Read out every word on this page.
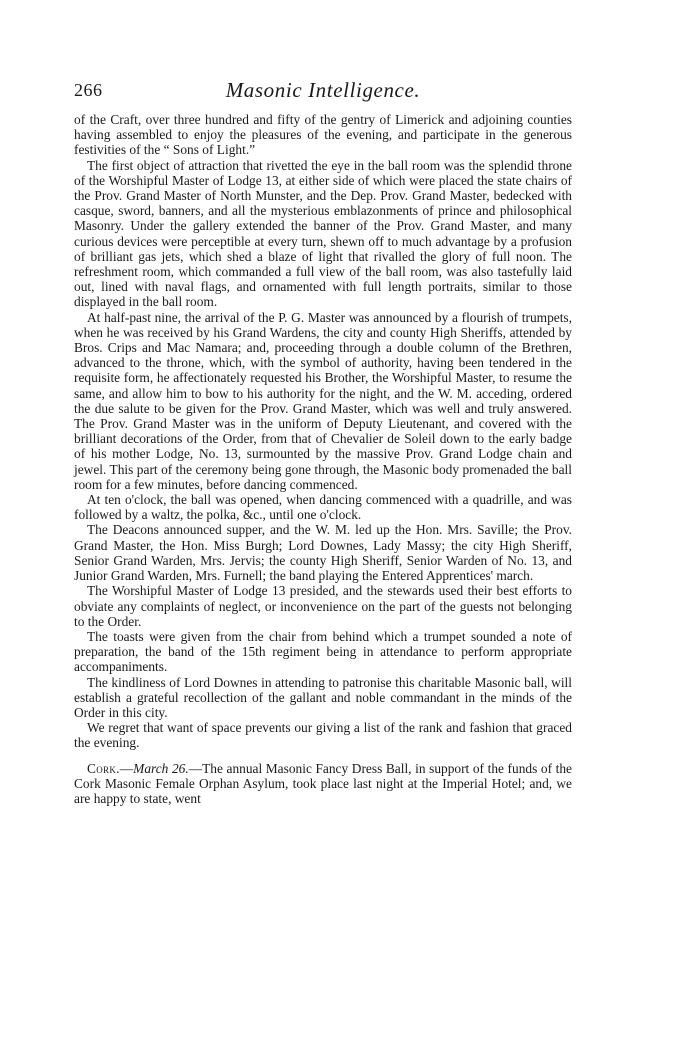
266	Masonic Intelligence.

of the Craft, over three hundred and fifty of the gentry of Limerick and adjoining counties having assembled to enjoy the pleasures of the evening, and participate in the generous festivities of the “ Sons of Light.”

The first object of attraction that rivetted the eye in the ball room was the splendid throne of the Worshipful Master of Lodge 13, at either side of which were placed the state chairs of the Prov. Grand Master of North Munster, and the Dep. Prov. Grand Master, bedecked with casque, sword, banners, and all the mysterious emblazonments of prince and philosophical Masonry. Under the gallery extended the banner of the Prov. Grand Master, and many curious devices were perceptible at every turn, shewn off to much advantage by a profusion of brilliant gas jets, which shed a blaze of light that rivalled the glory of full noon. The refreshment room, which commanded a full view of the ball room, was also tastefully laid out, lined with naval flags, and ornamented with full length portraits, similar to those displayed in the ball room.

At half-past nine, the arrival of the P. G. Master was announced by a flourish of trumpets, when he was received by his Grand Wardens, the city and county High Sheriffs, attended by Bros. Crips and Mac Namara; and, proceeding through a double column of the Brethren, advanced to the throne, which, with the symbol of authority, having been tendered in the requisite form, he affectionately requested his Brother, the Worshipful Master, to resume the same, and allow him to bow to his authority for the night, and the W. M. acceding, ordered the due salute to be given for the Prov. Grand Master, which was well and truly answered. The Prov. Grand Master was in the uniform of Deputy Lieutenant, and covered with the brilliant decorations of the Order, from that of Chevalier de Soleil down to the early badge of his mother Lodge, No. 13, surmounted by the massive Prov. Grand Lodge chain and jewel. This part of the ceremony being gone through, the Masonic body promenaded the ball room for a few minutes, before dancing commenced.

At ten o'clock, the ball was opened, when dancing commenced with a quadrille, and was followed by a waltz, the polka, &c., until one o'clock.

The Deacons announced supper, and the W. M. led up the Hon. Mrs. Saville; the Prov. Grand Master, the Hon. Miss Burgh; Lord Downes, Lady Massy; the city High Sheriff, Senior Grand Warden, Mrs. Jervis; the county High Sheriff, Senior Warden of No. 13, and Junior Grand Warden, Mrs. Furnell; the band playing the Entered Apprentices' march.

The Worshipful Master of Lodge 13 presided, and the stewards used their best efforts to obviate any complaints of neglect, or inconvenience on the part of the guests not belonging to the Order.

The toasts were given from the chair from behind which a trumpet sounded a note of preparation, the band of the 15th regiment being in attendance to perform appropriate accompaniments.

The kindliness of Lord Downes in attending to patronise this charitable Masonic ball, will establish a grateful recollection of the gallant and noble commandant in the minds of the Order in this city.

We regret that want of space prevents our giving a list of the rank and fashion that graced the evening.

Cork.—March 26.—The annual Masonic Fancy Dress Ball, in support of the funds of the Cork Masonic Female Orphan Asylum, took place last night at the Imperial Hotel; and, we are happy to state, went
